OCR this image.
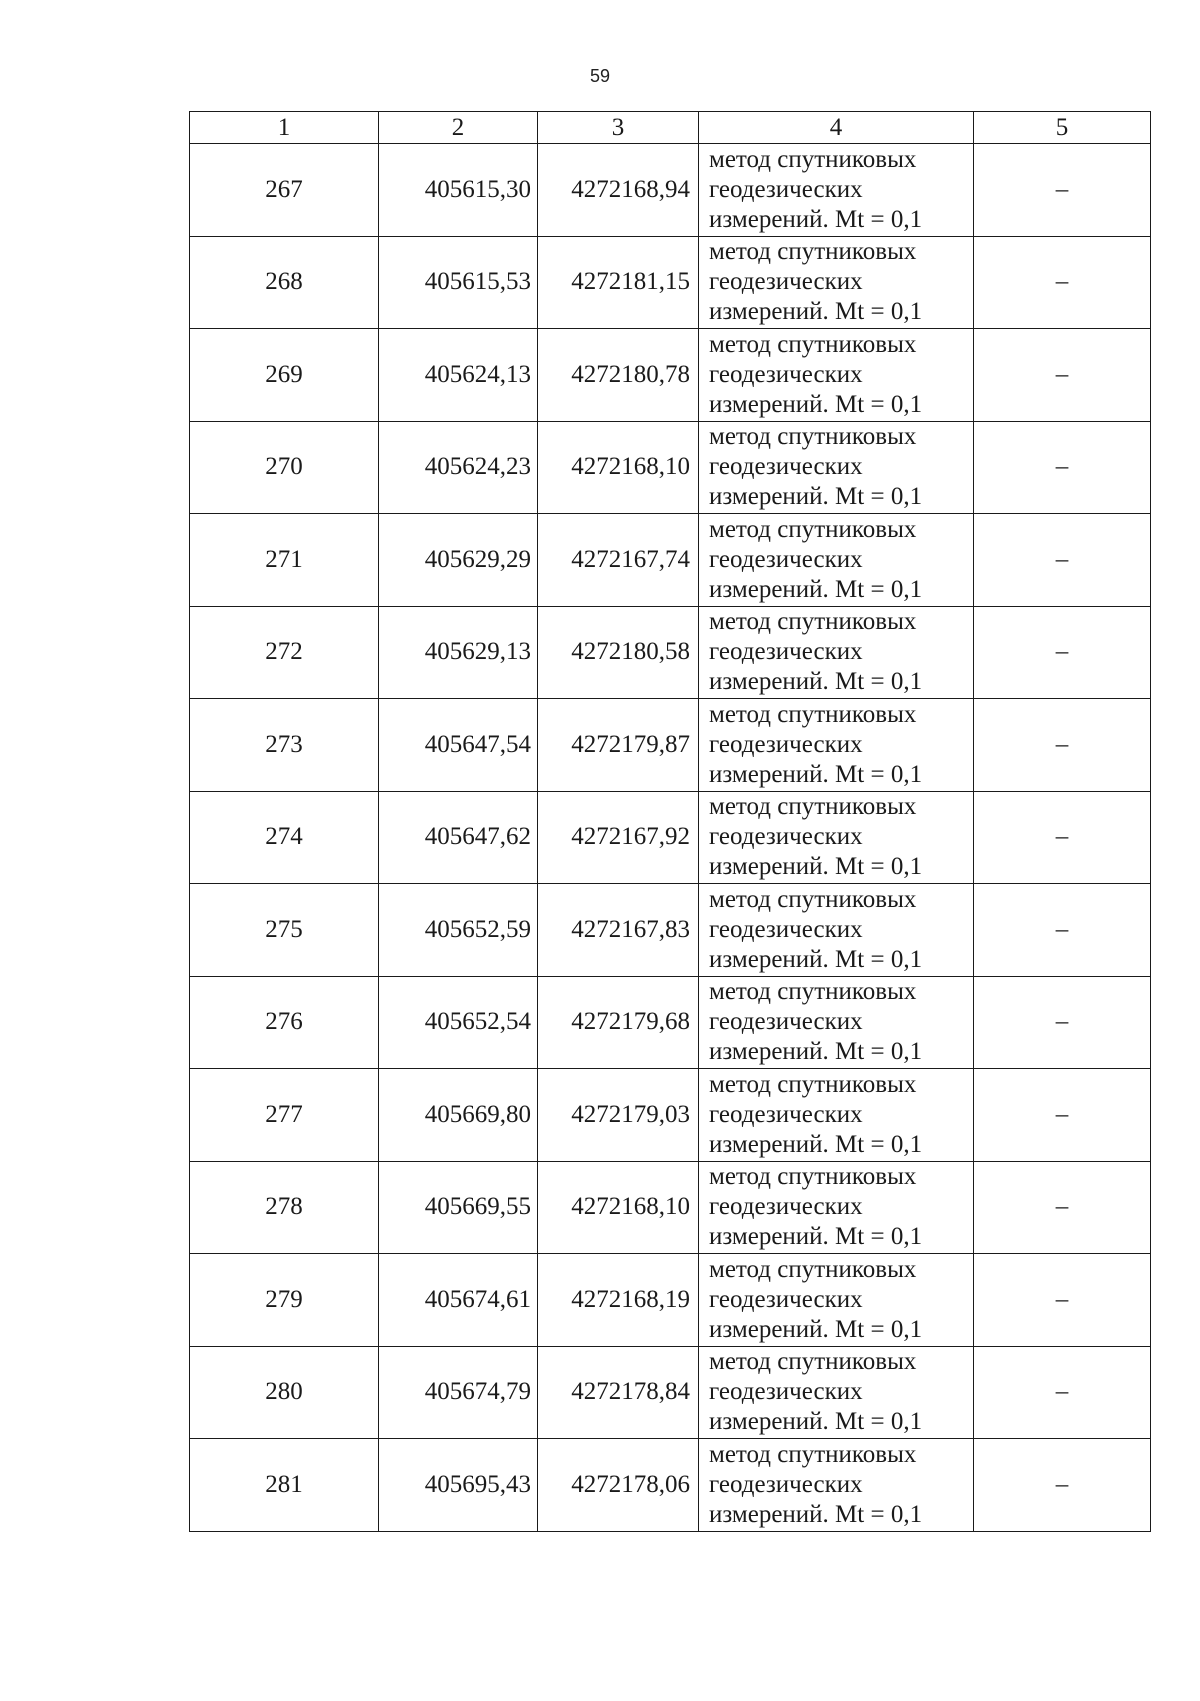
59
1	2	3	4	5
267	405615,30	4272168,94	метод спутниковых
геодезических
измерений. Mt = 0,1	–
268	405615,53	4272181,15	метод спутниковых
геодезических
измерений. Mt = 0,1	–
269	405624,13	4272180,78	метод спутниковых
геодезических
измерений. Mt = 0,1	–
270	405624,23	4272168,10	метод спутниковых
геодезических
измерений. Mt = 0,1	–
271	405629,29	4272167,74	метод спутниковых
геодезических
измерений. Mt = 0,1	–
272	405629,13	4272180,58	метод спутниковых
геодезических
измерений. Mt = 0,1	–
273	405647,54	4272179,87	метод спутниковых
геодезических
измерений. Mt = 0,1	–
274	405647,62	4272167,92	метод спутниковых
геодезических
измерений. Mt = 0,1	–
275	405652,59	4272167,83	метод спутниковых
геодезических
измерений. Mt = 0,1	–
276	405652,54	4272179,68	метод спутниковых
геодезических
измерений. Mt = 0,1	–
277	405669,80	4272179,03	метод спутниковых
геодезических
измерений. Mt = 0,1	–
278	405669,55	4272168,10	метод спутниковых
геодезических
измерений. Mt = 0,1	–
279	405674,61	4272168,19	метод спутниковых
геодезических
измерений. Mt = 0,1	–
280	405674,79	4272178,84	метод спутниковых
геодезических
измерений. Mt = 0,1	–
281	405695,43	4272178,06	метод спутниковых
геодезических
измерений. Mt = 0,1	–
